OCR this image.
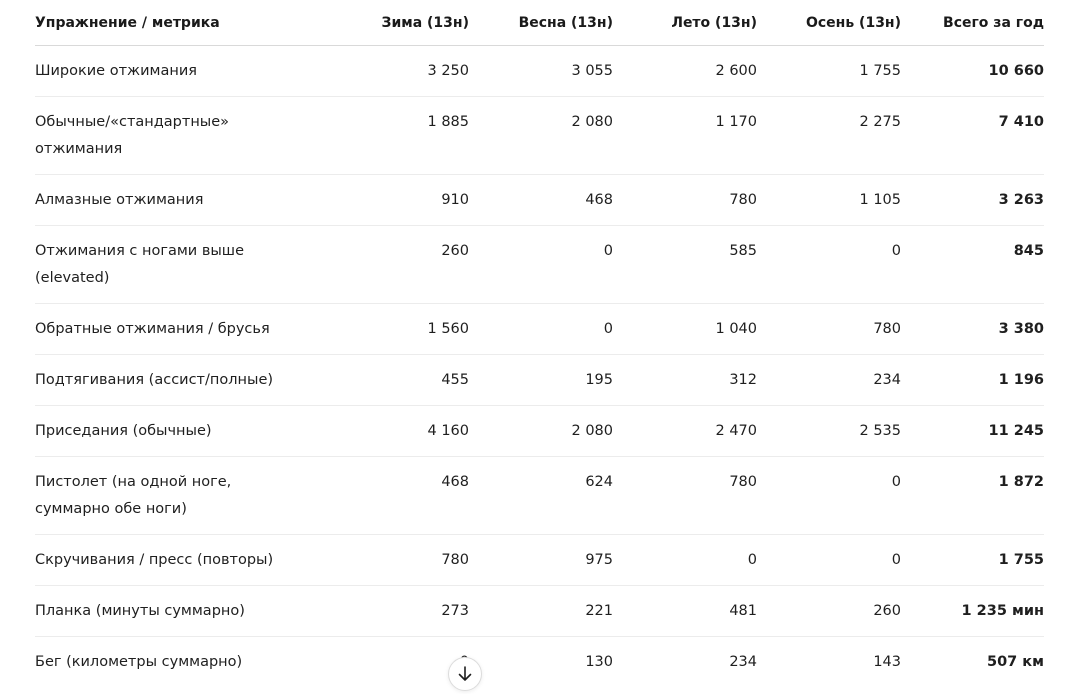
Упражнение / метрика	Зима (13н)	Весна (13н)	Лето (13н)	Осень (13н)	Всего за год

Широкие отжимания	3 250	3 055	2 600	1 755	10 660

Обычные/«стандартные» отжимания	1 885	2 080	1 170	2 275	7 410

Алмазные отжимания	910	468	780	1 105	3 263

Отжимания с ногами выше (elevated)	260	0	585	0	845

Обратные отжимания / брусья	1 560	0	1 040	780	3 380

Подтягивания (ассист/полные)	455	195	312	234	1 196

Приседания (обычные)	4 160	2 080	2 470	2 535	11 245

Пистолет (на одной ноге, суммарно обе ноги)	468	624	780	0	1 872

Скручивания / пресс (повторы)	780	975	0	0	1 755

Планка (минуты суммарно)	273	221	481	260	1 235 мин

Бег (километры суммарно)		130	234	143	507 км
